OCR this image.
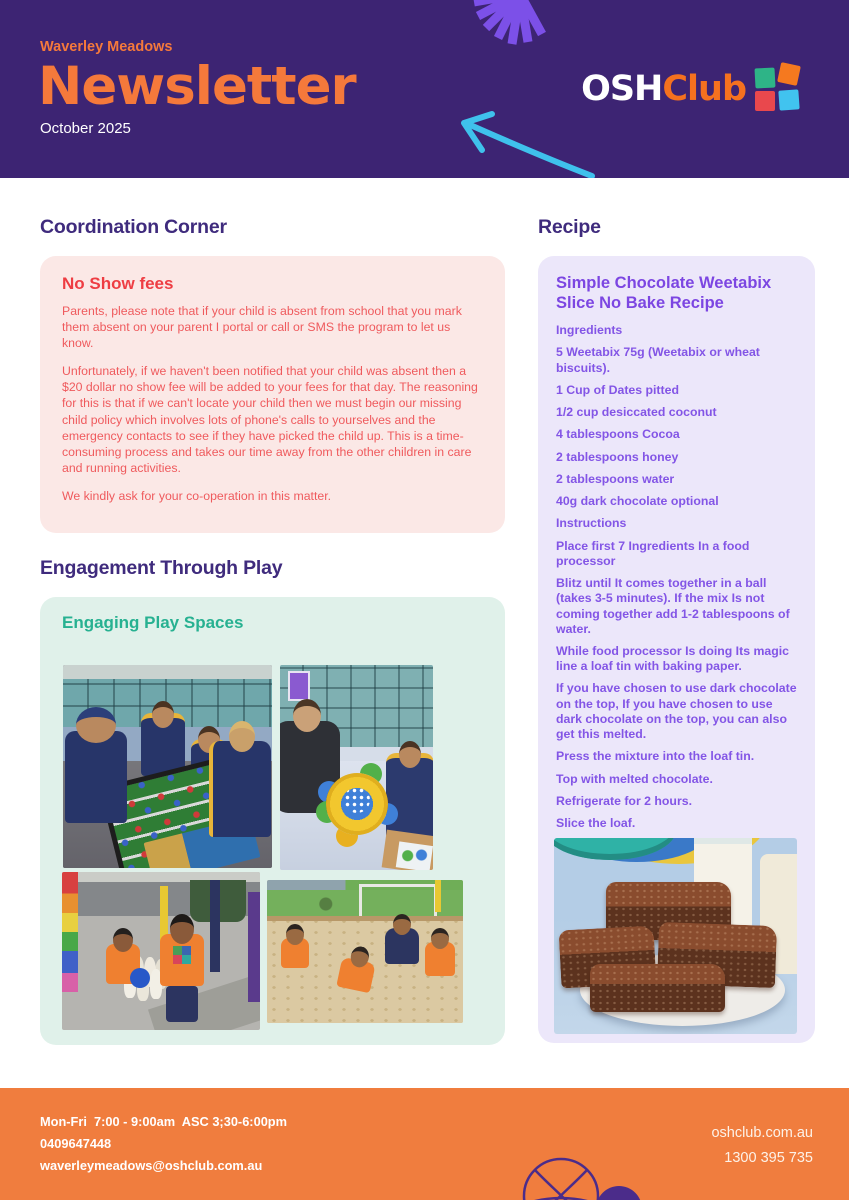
Waverley Meadows
Newsletter
October 2025
OSHClub
Coordination Corner
No Show fees

Parents, please note that if your child is absent from school that you mark them absent on your parent I portal or call or SMS the program to let us know.

Unfortunately, if we haven't been notified that your child was absent then a $20 dollar no show fee will be added to your fees for that day. The reasoning for this is that if we can't locate your child then we must begin our missing child policy which involves lots of phone's calls to yourselves and the emergency contacts to see if they have picked the child up. This is a time-consuming process and takes our time away from the other children in care and running activities.

We kindly ask for your co-operation in this matter.

Engagement Through Play
Engaging Play Spaces
Recipe
Simple Chocolate Weetabix Slice No Bake Recipe

Ingredients

5 Weetabix 75g (Weetabix or wheat biscuits).

1 Cup of Dates pitted

1/2 cup desiccated coconut

4 tablespoons Cocoa

2 tablespoons honey

2 tablespoons water

40g dark chocolate optional

Instructions

Place first 7 Ingredients In a food processor

Blitz until It comes together in a ball (takes 3-5 minutes). If the mix Is not coming together add 1-2 tablespoons of water.

While food processor Is doing Its magic line a loaf tin with baking paper.

If you have chosen to use dark chocolate on the top, If you have chosen to use dark chocolate on the top, you can also get this melted.

Press the mixture into the loaf tin.

Top with melted chocolate.

Refrigerate for 2 hours.

Slice the loaf.

Mon-Fri  7:00 - 9:00am  ASC 3;30-6:00pm

0409647448

waverleymeadows@oshclub.com.au

oshclub.com.au

1300 395 735
